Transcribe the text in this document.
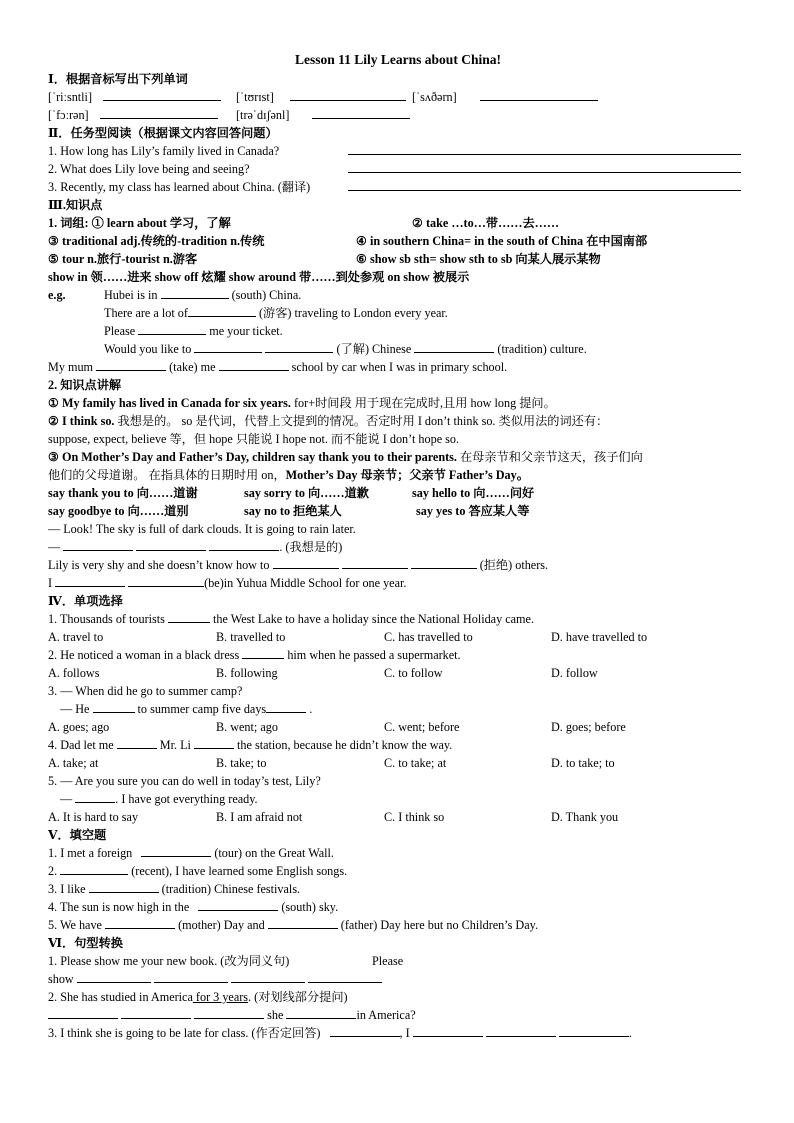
Lesson 11 Lily Learns about China!
Ⅰ．根据音标写出下列单词
[ˈriːsntli]	[ˈtʊrɪst]	[ˈsʌðərn]
[ˈfɔːrən]	[trəˈdɪʃənl]
Ⅱ．任务型阅读（根据课文内容回答问题）
1. How long has Lily’s family lived in Canada?
2. What does Lily love being and seeing?
3. Recently, my class has learned about China. (翻译)
Ⅲ.知识点
1. 词组: ① learn about 学习，了解	② take …to…带……去……
③ traditional adj.传统的-tradition n.传统	④ in southern China= in the south of China 在中国南部
⑤ tour n.旅行-tourist n.游客	⑥ show sb sth= show sth to sb 向某人展示某物
show in 领……进来 show off 炫耀 show around 带……到处参观 on show 被展示
e.g.	Hubei is in	(south) China.
There are a lot of	(游客) traveling to London every year.
Please	me your ticket.
Would you like to	(了解) Chinese	(tradition) culture.
My mum	(take) me	school by car when I was in primary school.
2. 知识点讲解
① My family has lived in Canada for six years. for+时间段 用于现在完成时,且用 how long 提问。
② I think so. 我想是的。 so 是代词，代替上文提到的情况。否定时用 I don’t think so. 类似用法的词还有：
suppose, expect, believe 等，但 hope 只能说 I hope not. 而不能说 I don’t hope so.
③ On Mother’s Day and Father’s Day, children say thank you to their parents. 在母亲节和父亲节这天，孩子们向
他们的父母道谢。 在指具体的日期时用 on，Mother’s Day 母亲节；父亲节 Father’s Day。
say thank you to 向……道谢	say sorry to 向……道歉	say hello to 向……问好
say goodbye to 向……道别	say no to 拒绝某人	say yes to 答应某人等
— Look! The sky is full of dark clouds. It is going to rain later.
—	. (我想是的)
Lily is very shy and she doesn’t know how to	(拒绝) others.
I	(be)in Yuhua Middle School for one year.
Ⅳ．单项选择
1. Thousands of tourists	the West Lake to have a holiday since the National Holiday came.
A. travel to	B. travelled to	C. has travelled to	D. have travelled to
2. He noticed a woman in a black dress	him when he passed a supermarket.
A. follows	B. following	C. to follow	D. follow
3. — When did he go to summer camp?
— He	to summer camp five days	.
A. goes; ago	B. went; ago	C. went; before	D. goes; before
4. Dad let me	Mr. Li	the station, because he didn’t know the way.
A. take; at	B. take; to	C. to take; at	D. to take; to
5. — Are you sure you can do well in today’s test, Lily?
—	. I have got everything ready.
A. It is hard to say	B. I am afraid not	C. I think so	D. Thank you
Ⅴ．填空题
1. I met a foreign	(tour) on the Great Wall.
2.	(recent), I have learned some English songs.
3. I like	(tradition) Chinese festivals.
4. The sun is now high in the	(south) sky.
5. We have	(mother) Day and	(father) Day here but no Children’s Day.
Ⅵ．句型转换
1. Please show me your new book. (改为同义句)	Please
show
2. She has studied in America for 3 years. (对划线部分提问)
she	in America?
3. I think she is going to be late for class. (作否定回答)	, I	.
